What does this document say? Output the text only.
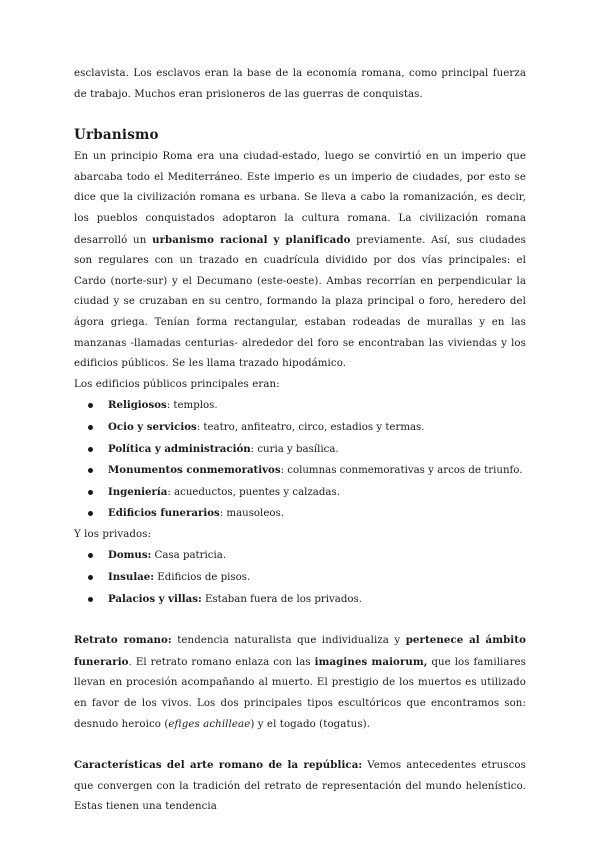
esclavista. Los esclavos eran la base de la economía romana, como principal fuerza de trabajo. Muchos eran prisioneros de las guerras de conquistas.

Urbanismo

En un principio Roma era una ciudad-estado, luego se convirtió en un imperio que abarcaba todo el Mediterráneo. Este imperio es un imperio de ciudades, por esto se dice que la civilización romana es urbana. Se lleva a cabo la romanización, es decir, los pueblos conquistados adoptaron la cultura romana. La civilización romana desarrolló un urbanismo racional y planificado previamente. Así, sus ciudades son regulares con un trazado en cuadrícula dividido por dos vías principales: el Cardo (norte-sur) y el Decumano (este-oeste). Ambas recorrían en perpendicular la ciudad y se cruzaban en su centro, formando la plaza principal o foro, heredero del ágora griega. Tenían forma rectangular, estaban rodeadas de murallas y en las manzanas -llamadas centurias- alrededor del foro se encontraban las viviendas y los edificios públicos. Se les llama trazado hipodámico.

Los edificios públicos principales eran:

Religiosos: templos.
Ocio y servicios: teatro, anfiteatro, circo, estadios y termas.
Política y administración: curia y basílica.
Monumentos conmemorativos: columnas conmemorativas y arcos de triunfo.
Ingeniería: acueductos, puentes y calzadas.
Edificios funerarios: mausoleos.

Y los privados:

Domus: Casa patricia.
Insulae: Edificios de pisos.
Palacios y villas: Estaban fuera de los privados.

Retrato romano: tendencia naturalista que individualiza y pertenece al ámbito funerario. El retrato romano enlaza con las imagines maiorum, que los familiares llevan en procesión acompañando al muerto. El prestigio de los muertos es utilizado en favor de los vivos. Los dos principales tipos escultóricos que encontramos son: desnudo heroico (efiges achilleae) y el togado (togatus).

Características del arte romano de la república: Vemos antecedentes etruscos que convergen con la tradición del retrato de representación del mundo helenístico. Estas tienen una tendencia
